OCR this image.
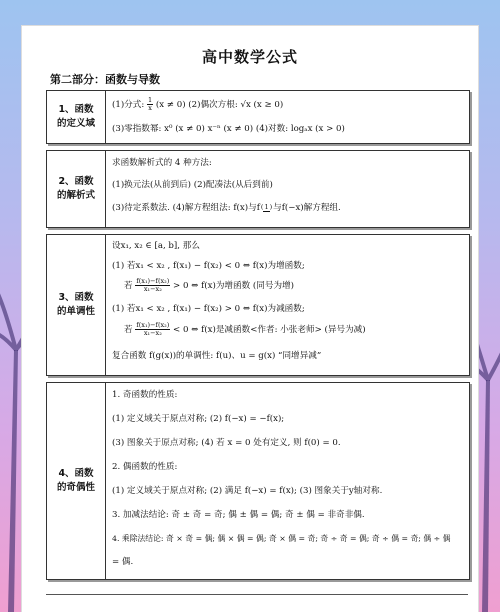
高中数学公式
第二部分：函数与导数
1、函数
的定义域
(1)分式: $\frac{1}{x} (x \ne 0)$ (2)偶次方根: √x (x ≥ 0)
(3)零指数幂: x⁰ (x ≠ 0) x⁻ⁿ (x ≠ 0) (4)对数: logₐx (x > 0)
2、函数
的解析式
求函数解析式的 4 种方法:
(1)换元法(从前到后) (2)配凑法(从后到前)
(3)待定系数法. (4)解方程组法: f(x)与f(1)与f(−x)解方程组.
3、函数
的单调性
设x₁, x₂ ∈ [a, b], 那么
(1) 若x₁ < x₂ , f(x₁) − f(x₂) < 0 ⇔ f(x)为增函数;
若 $\frac{\text{f(x₁)−f(x₂)}}{\text{x₁−x₂}} > 0$ ⇔ f(x)为增函数 (同号为增)
(1) 若x₁ < x₂ , f(x₁) − f(x₂) > 0 ⇔ f(x)为减函数;
若 $\frac{\text{f(x₁)−f(x₂)}}{\text{x₁−x₂}} < 0$ ⇔ f(x)是减函数<作者: 小张老师> (异号为减)
复合函数 f(g(x))的单调性: f(u)、u = g(x) “同增异减”
4、函数
的奇偶性
1. 奇函数的性质:
(1) 定义域关于原点对称; (2) f(−x) = −f(x);
(3) 图象关于原点对称; (4) 若 x = 0 处有定义, 则 f(0) = 0.
2. 偶函数的性质:
(1) 定义域关于原点对称; (2) 满足 f(−x) = f(x); (3) 图象关于y轴对称.
3. 加减法结论: 奇 ± 奇 = 奇; 偶 ± 偶 = 偶; 奇 ± 偶 = 非奇非偶.
4. 乘除法结论: 奇 × 奇 = 偶; 偶 × 偶 = 偶; 奇 × 偶 = 奇; 奇 ÷ 奇 = 偶; 奇 ÷ 偶 = 奇; 偶 ÷ 偶
= 偶.
